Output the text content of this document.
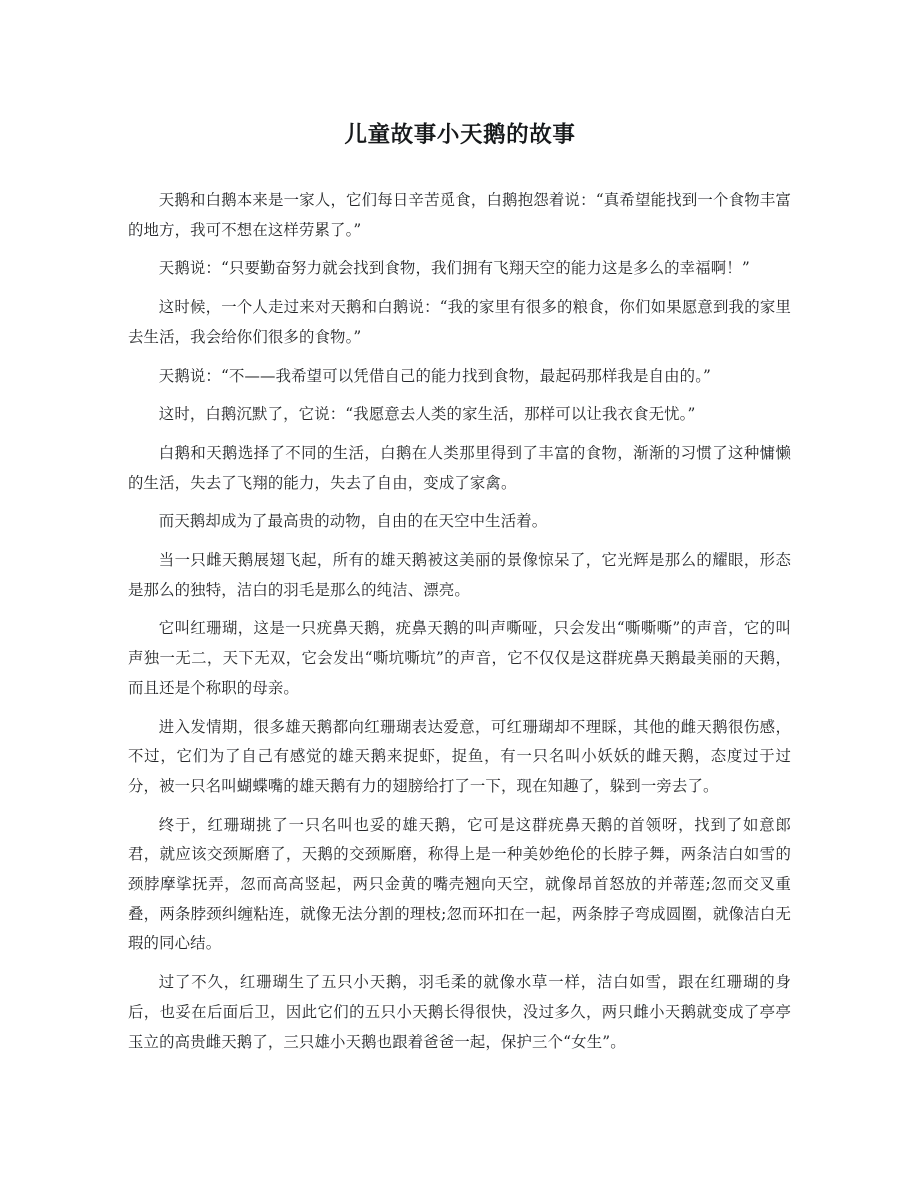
儿童故事小天鹅的故事

天鹅和白鹅本来是一家人，它们每日辛苦觅食，白鹅抱怨着说：“真希望能找到一个食物丰富的地方，我可不想在这样劳累了。”

天鹅说：“只要勤奋努力就会找到食物，我们拥有飞翔天空的能力这是多么的幸福啊！”

这时候，一个人走过来对天鹅和白鹅说：“我的家里有很多的粮食，你们如果愿意到我的家里去生活，我会给你们很多的食物。”

天鹅说：“不——我希望可以凭借自己的能力找到食物，最起码那样我是自由的。”

这时，白鹅沉默了，它说：“我愿意去人类的家生活，那样可以让我衣食无忧。”

白鹅和天鹅选择了不同的生活，白鹅在人类那里得到了丰富的食物，渐渐的习惯了这种慵懒的生活，失去了飞翔的能力，失去了自由，变成了家禽。

而天鹅却成为了最高贵的动物，自由的在天空中生活着。

当一只雌天鹅展翅飞起，所有的雄天鹅被这美丽的景像惊呆了，它光辉是那么的耀眼，形态是那么的独特，洁白的羽毛是那么的纯洁、漂亮。

它叫红珊瑚，这是一只疣鼻天鹅，疣鼻天鹅的叫声嘶哑，只会发出“嘶嘶嘶”的声音，它的叫声独一无二，天下无双，它会发出“嘶坑嘶坑”的声音，它不仅仅是这群疣鼻天鹅最美丽的天鹅，而且还是个称职的母亲。

进入发情期，很多雄天鹅都向红珊瑚表达爱意，可红珊瑚却不理睬，其他的雌天鹅很伤感，不过，它们为了自己有感觉的雄天鹅来捉虾，捉鱼，有一只名叫小妖妖的雌天鹅，态度过于过分，被一只名叫蝴蝶嘴的雄天鹅有力的翅膀给打了一下，现在知趣了，躲到一旁去了。

终于，红珊瑚挑了一只名叫也妥的雄天鹅，它可是这群疣鼻天鹅的首领呀，找到了如意郎君，就应该交颈厮磨了，天鹅的交颈厮磨，称得上是一种美妙绝伦的长脖子舞，两条洁白如雪的颈脖摩挲抚弄，忽而高高竖起，两只金黄的嘴壳翘向天空，就像昂首怒放的并蒂莲;忽而交叉重叠，两条脖颈纠缠粘连，就像无法分割的理枝;忽而环扣在一起，两条脖子弯成圆圈，就像洁白无瑕的同心结。

过了不久，红珊瑚生了五只小天鹅，羽毛柔的就像水草一样，洁白如雪，跟在红珊瑚的身后，也妥在后面后卫，因此它们的五只小天鹅长得很快，没过多久，两只雌小天鹅就变成了亭亭玉立的高贵雌天鹅了，三只雄小天鹅也跟着爸爸一起，保护三个“女生”。
